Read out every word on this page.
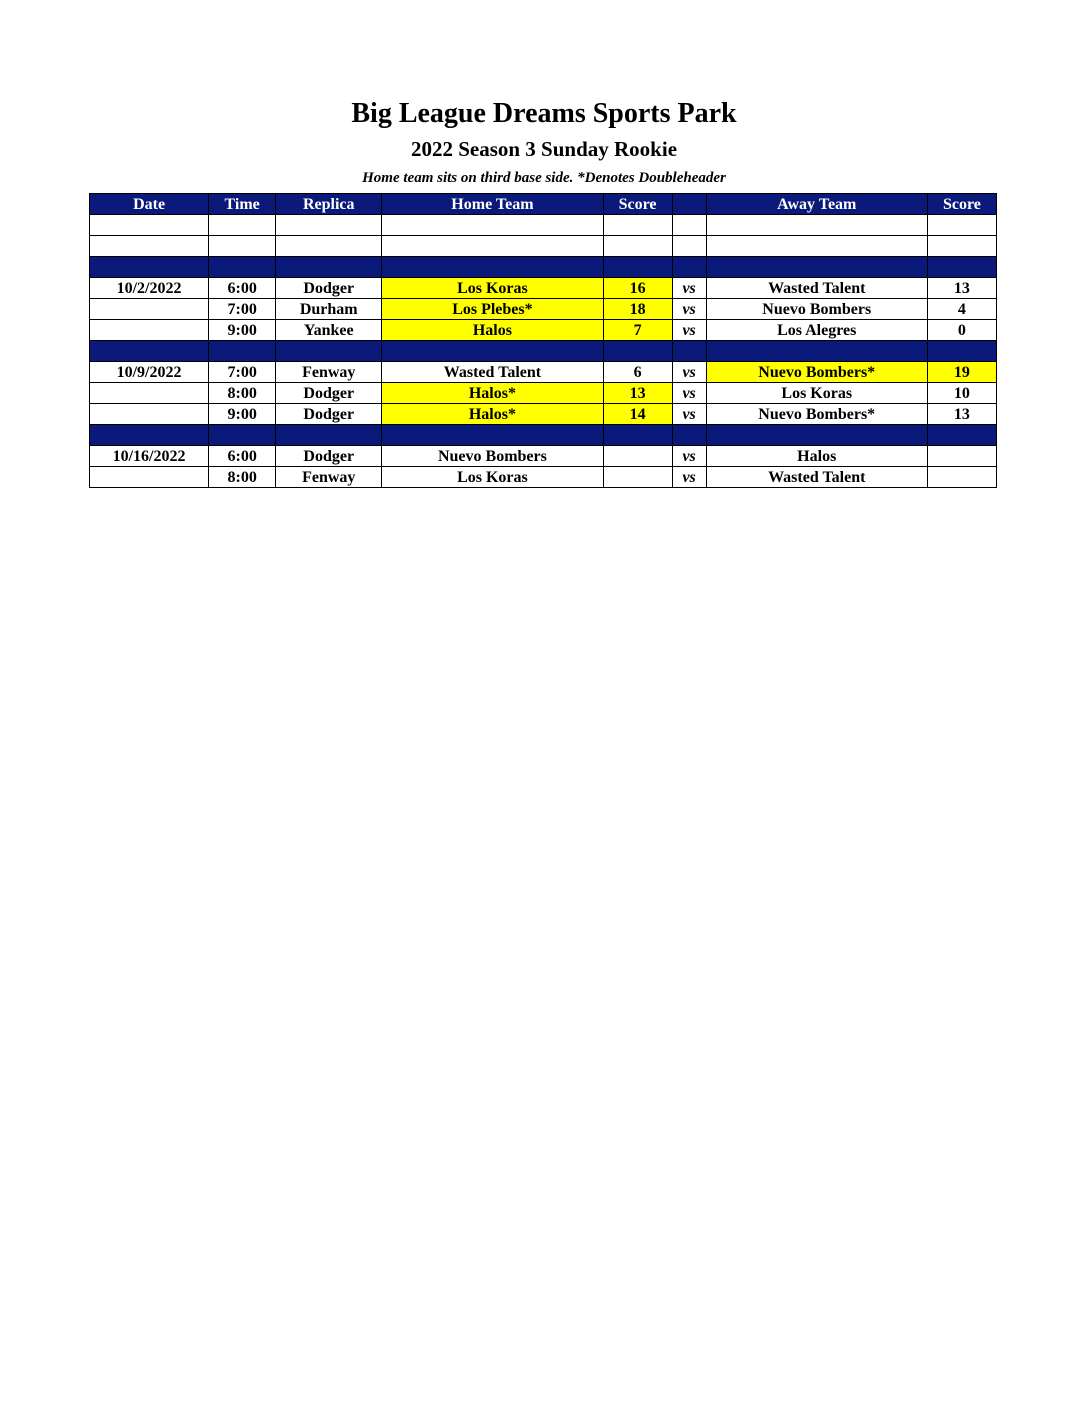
Big League Dreams Sports Park
2022 Season 3 Sunday Rookie
Home team sits on third base side. *Denotes Doubleheader
Date	Time	Replica	Home Team	Score		Away Team	Score

10/2/2022	6:00	Dodger	Los Koras	16	vs	Wasted Talent	13
	7:00	Durham	Los Plebes*	18	vs	Nuevo Bombers	4
	9:00	Yankee	Halos	7	vs	Los Alegres	0

10/9/2022	7:00	Fenway	Wasted Talent	6	vs	Nuevo Bombers*	19
	8:00	Dodger	Halos*	13	vs	Los Koras	10
	9:00	Dodger	Halos*	14	vs	Nuevo Bombers*	13

10/16/2022	6:00	Dodger	Nuevo Bombers		vs	Halos	
	8:00	Fenway	Los Koras		vs	Wasted Talent	
